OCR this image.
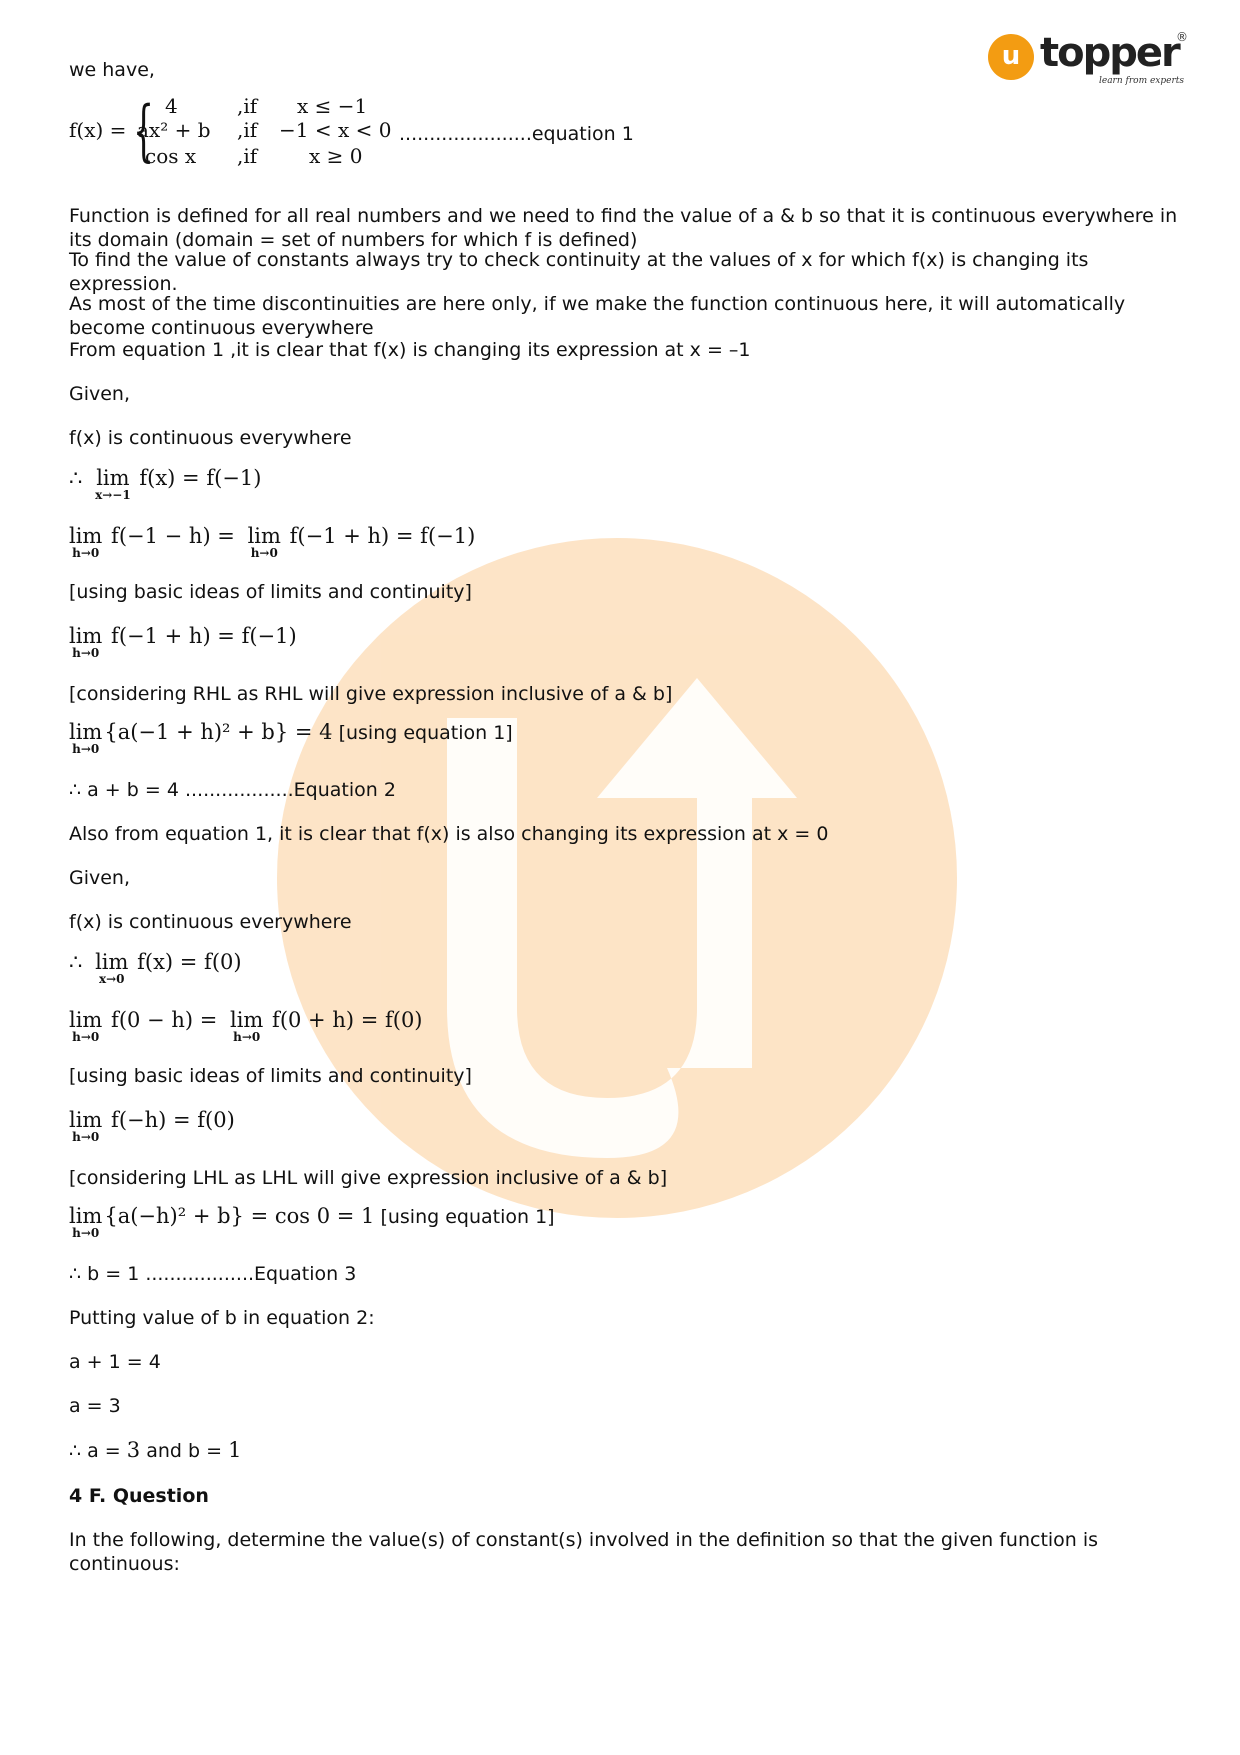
u topper
®
learn from experts
we have,
f(x) = { 4
ax² + b
cos x
,if
,if
,if
x ≤ −1
−1 < x < 0
x ≥ 0
......................equation 1
Function is defined for all real numbers and we need to find the value of a & b so that it is continuous everywhere in its domain (domain = set of numbers for which f is defined)
To find the value of constants always try to check continuity at the values of x for which f(x) is changing its expression.
As most of the time discontinuities are here only, if we make the function continuous here, it will automatically become continuous everywhere
From equation 1 ,it is clear that f(x) is changing its expression at x = –1
Given,
f(x) is continuous everywhere
∴ lim
x→−1
f(x) = f(−1)
lim
h→0
f(−1 − h) = lim
h→0
f(−1 + h) = f(−1)
[using basic ideas of limits and continuity]
lim
h→0
f(−1 + h) = f(−1)
[considering RHL as RHL will give expression inclusive of a & b]
lim
h→0
{a(−1 + h)² + b} = 4 [using equation 1]
∴ a + b = 4 ..................Equation 2
Also from equation 1, it is clear that f(x) is also changing its expression at x = 0
Given,
f(x) is continuous everywhere
∴ lim
x→0
f(x) = f(0)
lim
h→0
f(0 − h) = lim
h→0
f(0 + h) = f(0)
[using basic ideas of limits and continuity]
lim
h→0
f(−h) = f(0)
[considering LHL as LHL will give expression inclusive of a & b]
lim
h→0
{a(−h)² + b} = cos 0 = 1 [using equation 1]
∴ b = 1 ..................Equation 3
Putting value of b in equation 2:
a + 1 = 4
a = 3
∴ a = 3 and b = 1
4 F. Question
In the following, determine the value(s) of constant(s) involved in the definition so that the given function is continuous:
